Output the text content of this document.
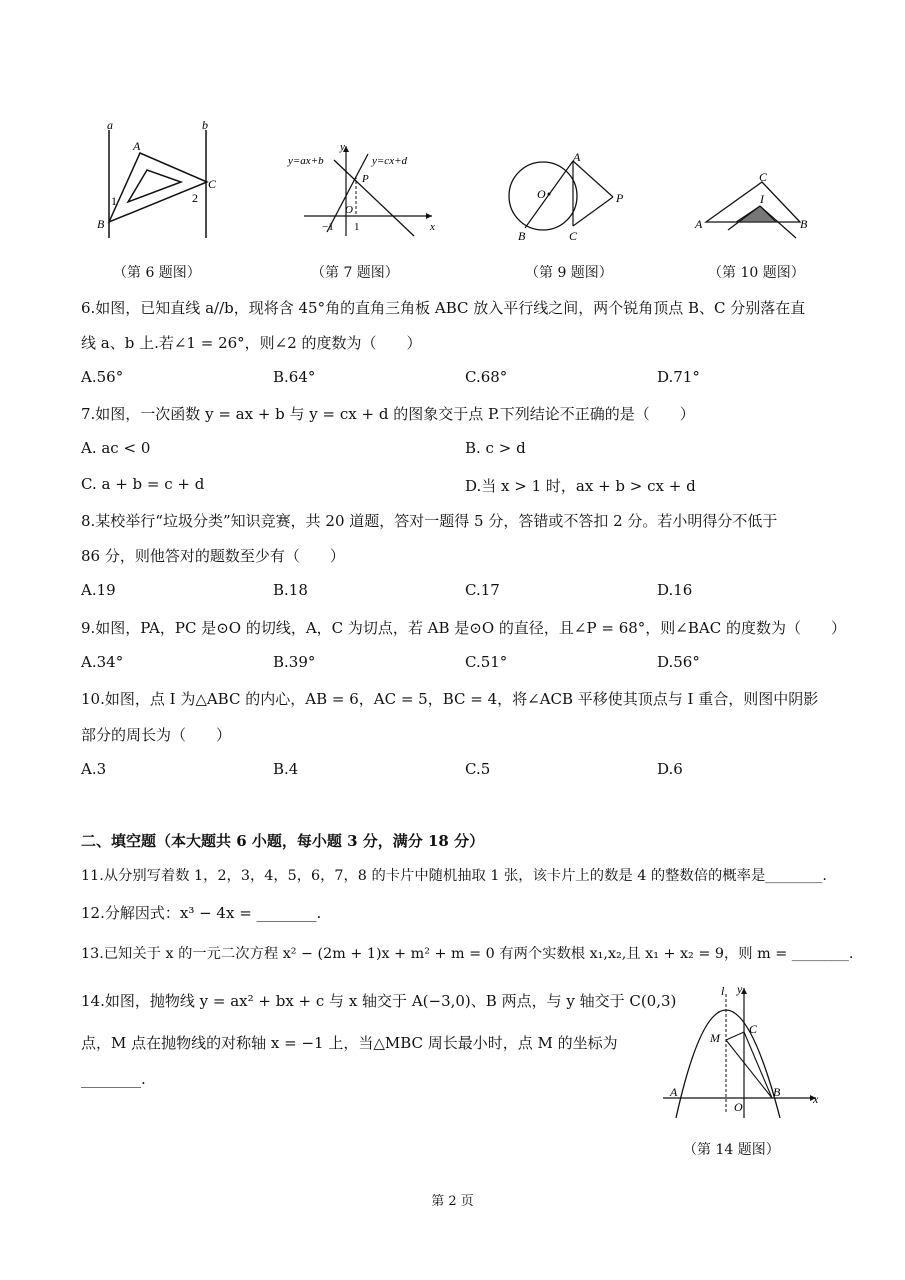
a	b
A
B
C
1	2
（第 6 题图）
y
x
y=ax+b	y=cx+d
P
O
−1 1
（第 7 题图）
A
O	P
B	C
（第 9 题图）
C
I
A	B
（第 10 题图）
6.如图，已知直线 a//b，现将含 45°角的直角三角板 ABC 放入平行线之间，两个锐角顶点 B、C 分别落在直
线 a、b 上.若∠1 = 26°，则∠2 的度数为（　　）
A.56°	B.64°	C.68°	D.71°
7.如图，一次函数 y = ax + b 与 y = cx + d 的图象交于点 P.下列结论不正确的是（　　）
A. ac < 0	B. c > d
C. a + b = c + d	D.当 x > 1 时，ax + b > cx + d
8.某校举行“垃圾分类”知识竞赛，共 20 道题，答对一题得 5 分，答错或不答扣 2 分。若小明得分不低于
86 分，则他答对的题数至少有（　　）
A.19	B.18	C.17	D.16
9.如图，PA，PC 是⊙O 的切线，A，C 为切点，若 AB 是⊙O 的直径，且∠P = 68°，则∠BAC 的度数为（　　）
A.34°	B.39°	C.51°	D.56°
10.如图，点 I 为△ABC 的内心，AB = 6，AC = 5，BC = 4，将∠ACB 平移使其顶点与 I 重合，则图中阴影
部分的周长为（　　）
A.3	B.4	C.5	D.6
二、填空题（本大题共 6 小题，每小题 3 分，满分 18 分）
11.从分别写着数 1，2，3，4，5，6，7，8 的卡片中随机抽取 1 张，该卡片上的数是 4 的整数倍的概率是________.
12.分解因式：x³ − 4x = ________.
13.已知关于 x 的一元二次方程 x² − (2m + 1)x + m² + m = 0 有两个实数根 x₁,x₂,且 x₁ + x₂ = 9，则 m = ________.
14.如图，抛物线 y = ax² + bx + c 与 x 轴交于 A(−3,0)、B 两点，与 y 轴交于 C(0,3)
点，M 点在抛物线的对称轴 x = −1 上，当△MBC 周长最小时，点 M 的坐标为
________.
l y
C
M
A
O
B	x
（第 14 题图）
第 2 页
